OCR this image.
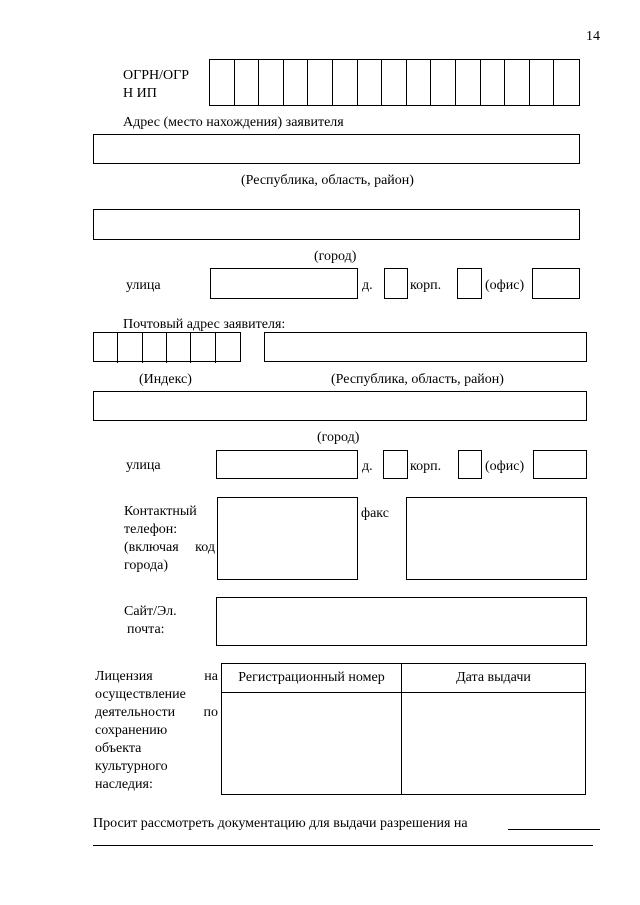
14
ОГРН/ОГР
Н ИП
Адрес (место нахождения) заявителя
(Республика, область, район)
(город)
улица	д.	корп.	(офис)
Почтовый адрес заявителя:
(Индекс)	(Республика, область, район)
(город)
улица	д.	корп.	(офис)
Контактный
телефон:
(включая код
города)
факс
Сайт/Эл.
почта:
Лицензия	на
осуществление
деятельности по
сохранению
объекта
культурного
наследия:
Регистрационный номер	Дата выдачи

Просит рассмотреть документацию для выдачи разрешения на
